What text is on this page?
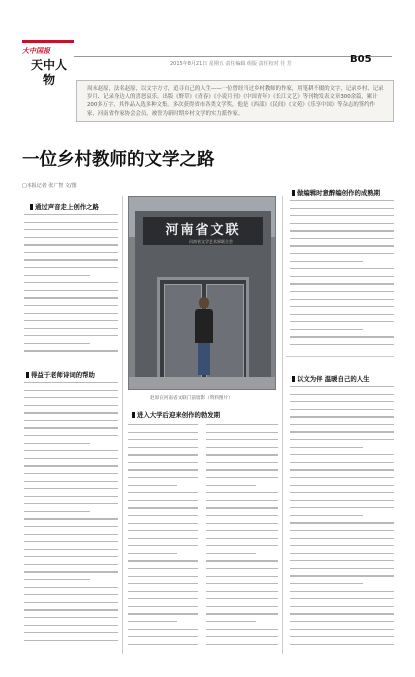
大中国报
天中人物
2015年8月21日 星期五 责任编辑 组版 责任校对 任 芳	B05
周末赵原，法名赵原，以文字方寸，追寻自己的人生——一位曾经当过乡村教师的作家，用笔耕不辍的文字，记录乡村、记录岁月、记录身边人的喜怒哀乐。出版《野草》《青春》《小说月刊》《中国青年》《长江文艺》等刊物发表文章300余篇，累计200多万字，其作品入选多种文集。多次获得省市各类文学奖，他是《西部》《民间》《文苑》《乐享中国》等杂志的签约作家，河南省作家协会会员，被誉为新时期乡村文学的实力派作家。
一位乡村教师的文学之路
□本报记者 张广智 文/图
通过声音走上创作之路
得益于老师诗词的帮助
进入大学后迎来创作的勃发期
做编辑时意醉编创作的成熟期
以文为伴 温暖自己的人生
河南省文联
河南省文学艺术界联合会
赵原在河南省文联门前留影（资料图片）
